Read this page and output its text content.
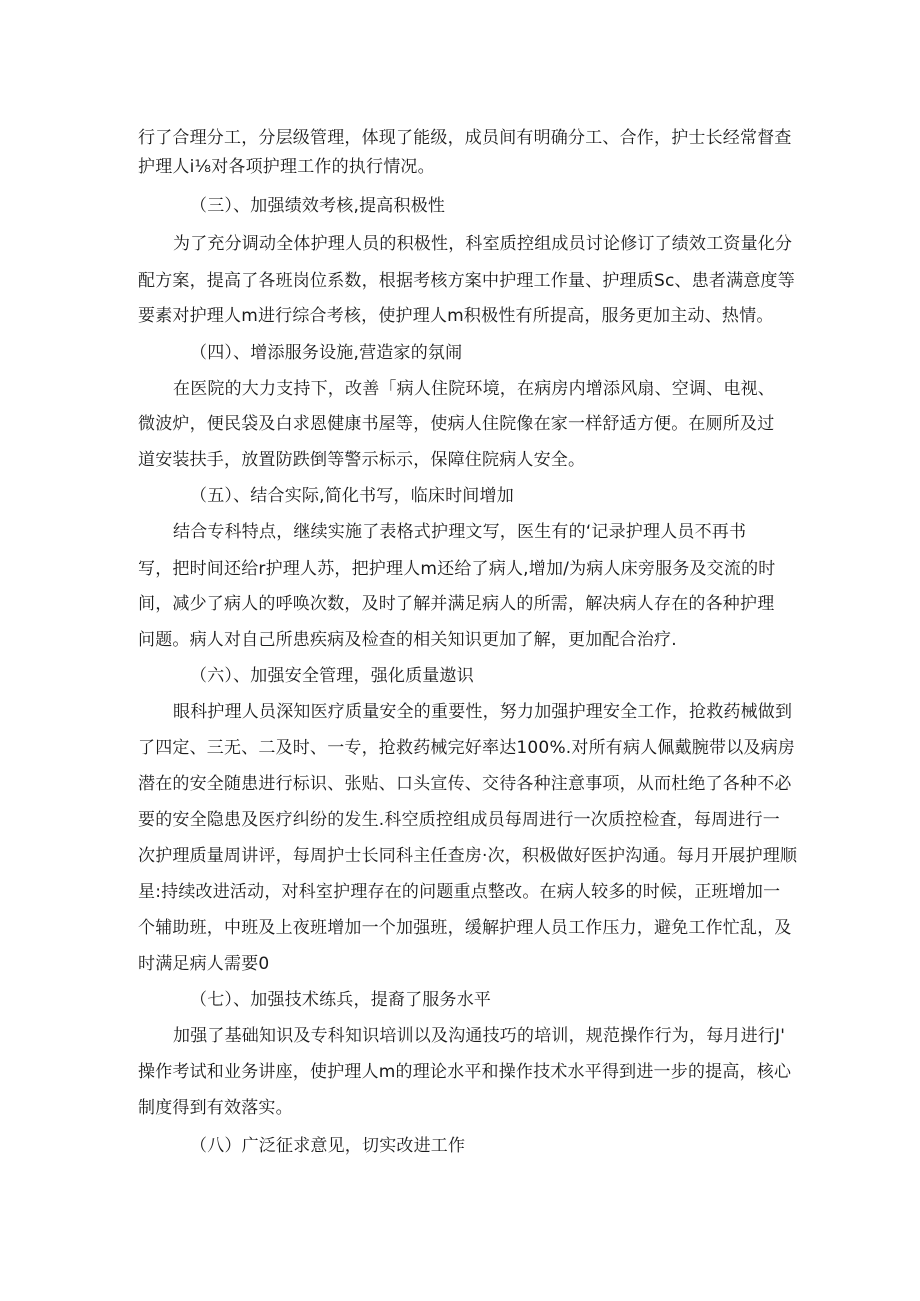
行了合理分工，分层级管理，体现了能级，成员间有明确分工、合作，护士长经常督查
护理人i⅛对各项护理工作的执行情况。
（三）、加强绩效考核,提高积极性
为了充分调动全体护理人员的积极性，科室质控组成员讨论修订了绩效工资量化分
配方案，提高了各班岗位系数，根据考核方案中护理工作量、护理质Sc、患者满意度等
要素对护理人m进行综合考核，使护理人m积极性有所提高，服务更加主动、热情。
（四）、增添服务设施,营造家的氛闹
在医院的大力支持下，改善「病人住院环境，在病房内增添风扇、空调、电视、
微波炉，便民袋及白求恩健康书屋等，使病人住院像在家一样舒适方便。在厕所及过
道安装扶手，放置防跌倒等警示标示，保障住院病人安全。
（五）、结合实际,简化书写，临床时间增加
结合专科特点，继续实施了表格式护理文写，医生有的‘记录护理人员不再书
写，把时间还给r护理人苏，把护理人m还给了病人,增加/为病人床旁服务及交流的时
间，减少了病人的呼唤次数，及时了解并满足病人的所需，解决病人存在的各种护理
问题。病人对自己所患疾病及检查的相关知识更加了解，更加配合治疗.
（六）、加强安全管理，强化质量遨识
眼科护理人员深知医疗质量安全的重要性，努力加强护理安全工作，抢救药械做到
了四定、三无、二及时、一专，抢救药械完好率达100%.对所有病人佩戴腕带以及病房
潜在的安全随患进行标识、张贴、口头宣传、交待各种注意事项，从而杜绝了各种不必
要的安全隐患及医疗纠纷的发生.科空质控组成员每周进行一次质控检査，每周进行一
次护理质量周讲评，每周护士长同科主任查房·次，积极做好医护沟通。每月开展护理顺
星:持续改进活动，对科室护理存在的问题重点整改。在病人较多的时候，正班增加一
个辅助班，中班及上夜班增加一个加强班，缓解护理人员工作压力，避免工作忙乱，及
时满足病人需要0
（七）、加强技术练兵，提裔了服务水平
加强了基础知识及专科知识培训以及沟通技巧的培训，规范操作行为，每月进行J'
操作考试和业务讲座，使护理人m的理论水平和操作技术水平得到进一步的提高，核心
制度得到有效落实。
（八）广泛征求意见，切实改进工作
